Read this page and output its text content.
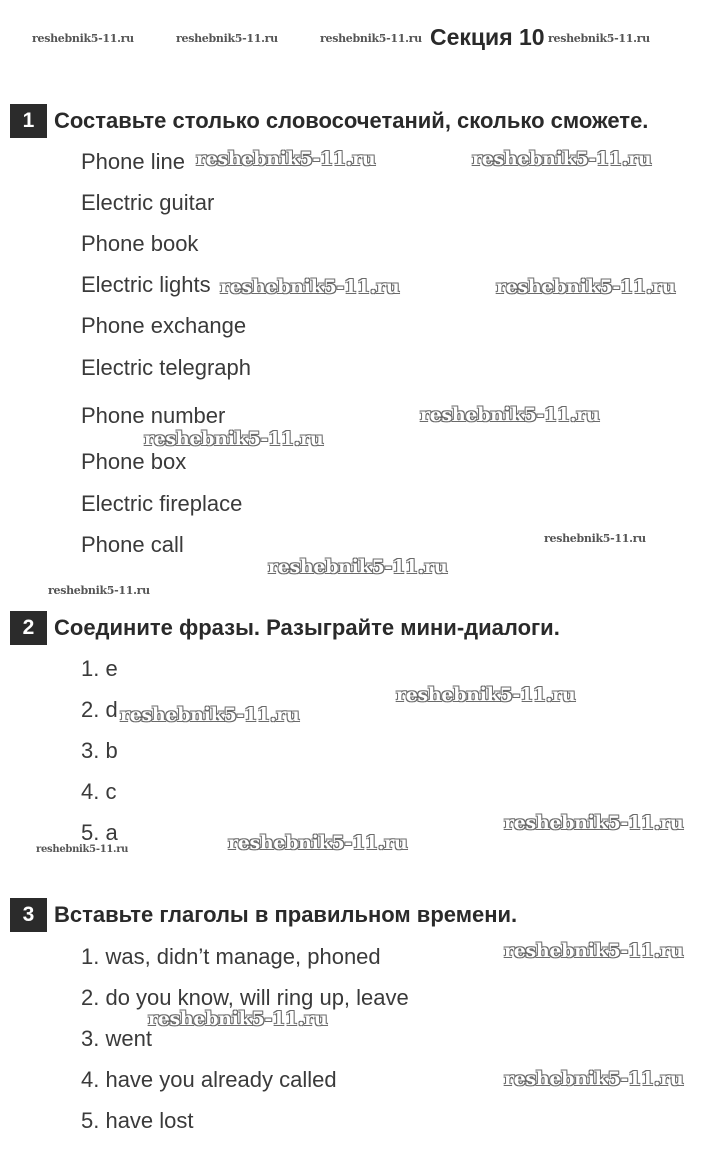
reshebnik5-11.ru	reshebnik5-11.ru	reshebnik5-11.ru Секция 10 reshebnik5-11.ru
1 Составьте столько словосочетаний, сколько сможете.
Phone line
Electric guitar
Phone book
Electric lights
Phone exchange
Electric telegraph
Phone number
Phone box
Electric fireplace
Phone call
reshebnik5-11.ru	reshebnik5-11.ru
reshebnik5-11.ru	reshebnik5-11.ru
reshebnik5-11.ru
reshebnik5-11.ru
reshebnik5-11.ru
reshebnik5-11.ru
reshebnik5-11.ru
2 Соедините фразы. Разыграйте мини-диалоги.
1. e
2. d
3. b
4. c
5. a
reshebnik5-11.ru
reshebnik5-11.ru
reshebnik5-11.ru
reshebnik5-11.ru
reshebnik5-11.ru
3 Вставьте глаголы в правильном времени.
1. was, didn’t manage, phoned
2. do you know, will ring up, leave
3. went
4. have you already called
5. have lost
reshebnik5-11.ru
reshebnik5-11.ru
reshebnik5-11.ru
